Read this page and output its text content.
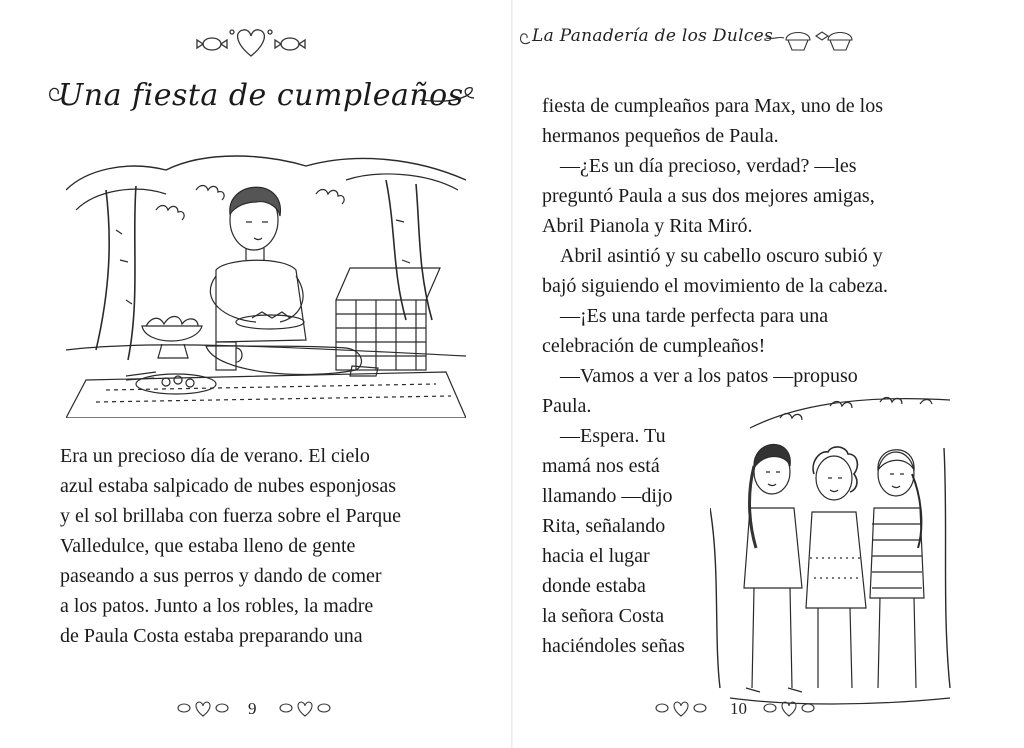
Una fiesta de cumpleaños
Era un precioso día de verano. El cielo
azul estaba salpicado de nubes esponjosas
y el sol brillaba con fuerza sobre el Parque
Valledulce, que estaba lleno de gente
paseando a sus perros y dando de comer
a los patos. Junto a los robles, la madre
de Paula Costa estaba preparando una
9
La Panadería de los Dulces
fiesta de cumpleaños para Max, uno de los
hermanos pequeños de Paula.
—¿Es un día precioso, verdad? —les
preguntó Paula a sus dos mejores amigas,
Abril Pianola y Rita Miró.
Abril asintió y su cabello oscuro subió y
bajó siguiendo el movimiento de la cabeza.
—¡Es una tarde perfecta para una
celebración de cumpleaños!
—Vamos a ver a los patos —propuso
Paula.
—Espera. Tu
mamá nos está
llamando —dijo
Rita, señalando
hacia el lugar
donde estaba
la señora Costa
haciéndoles señas
10
